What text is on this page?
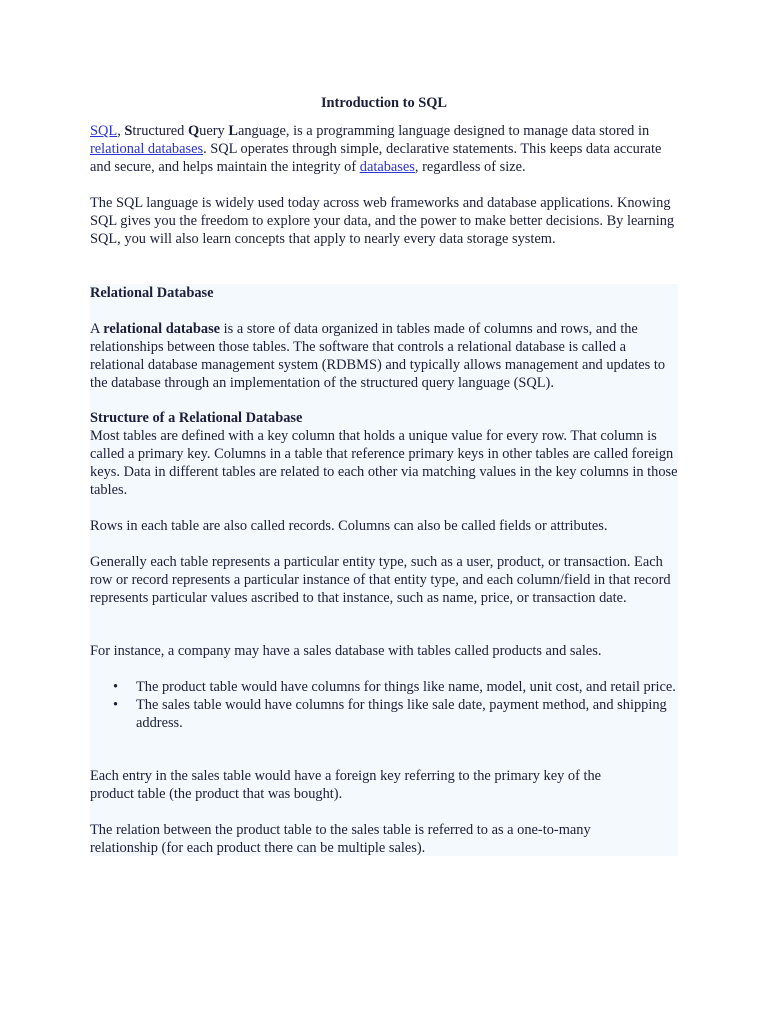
Introduction to SQL

SQL, Structured Query Language, is a programming language designed to manage data stored in relational databases. SQL operates through simple, declarative statements. This keeps data accurate and secure, and helps maintain the integrity of databases, regardless of size.

The SQL language is widely used today across web frameworks and database applications. Knowing SQL gives you the freedom to explore your data, and the power to make better decisions. By learning SQL, you will also learn concepts that apply to nearly every data storage system.

Relational Database

A relational database is a store of data organized in tables made of columns and rows, and the relationships between those tables. The software that controls a relational database is called a relational database management system (RDBMS) and typically allows management and updates to the database through an implementation of the structured query language (SQL).

Structure of a Relational Database

Most tables are defined with a key column that holds a unique value for every row. That column is called a primary key. Columns in a table that reference primary keys in other tables are called foreign keys. Data in different tables are related to each other via matching values in the key columns in those tables.

Rows in each table are also called records. Columns can also be called fields or attributes.

Generally each table represents a particular entity type, such as a user, product, or transaction. Each row or record represents a particular instance of that entity type, and each column/field in that record represents particular values ascribed to that instance, such as name, price, or transaction date.

For instance, a company may have a sales database with tables called products and sales.

• The product table would have columns for things like name, model, unit cost, and retail price.
• The sales table would have columns for things like sale date, payment method, and shipping address.

Each entry in the sales table would have a foreign key referring to the primary key of the product table (the product that was bought).

The relation between the product table to the sales table is referred to as a one-to-many relationship (for each product there can be multiple sales).
